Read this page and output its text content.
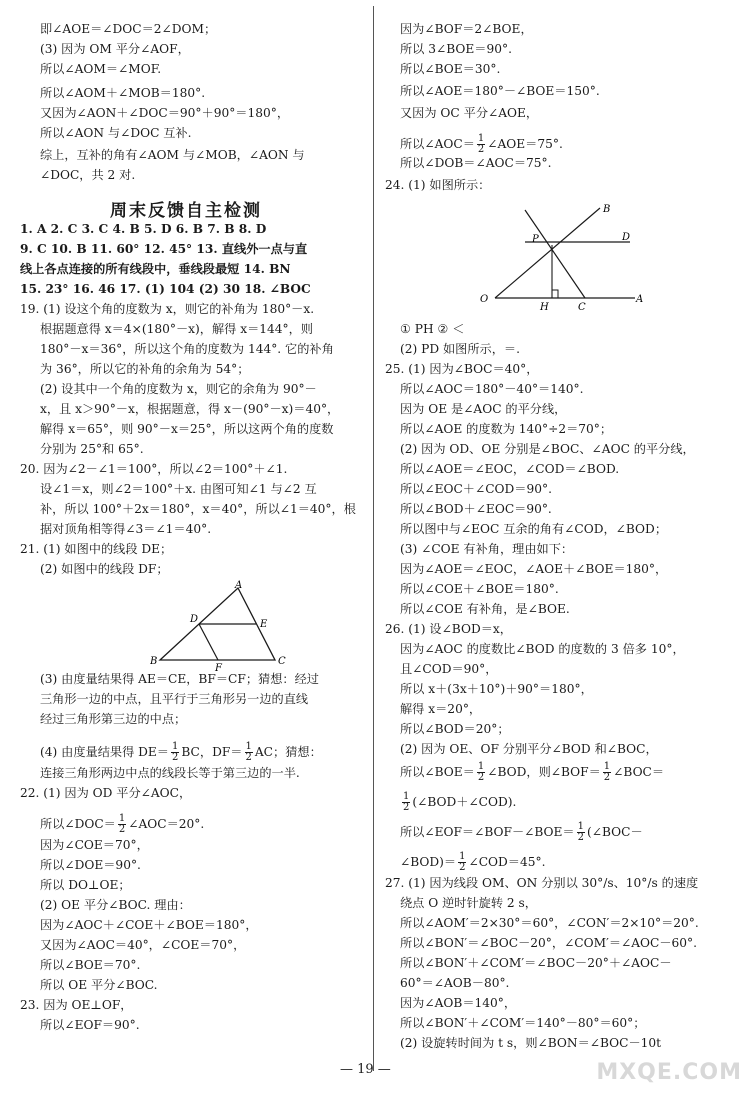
即∠AOE＝∠DOC＝2∠DOM；
(3) 因为 OM 平分∠AOF，
所以∠AOM＝∠MOF.
所以∠AOM＋∠MOB＝180°.
又因为∠AON＋∠DOC＝90°＋90°＝180°，
所以∠AON 与∠DOC 互补.
综上，互补的角有∠AOM 与∠MOB，∠AON 与
∠DOC，共 2 对.
1. A 2. C 3. C 4. B 5. D 6. B 7. B 8. D
9. C 10. B 11. 60° 12. 45° 13. 直线外一点与直
线上各点连接的所有线段中，垂线段最短 14. BN
15. 23° 16. 46 17. (1) 104 (2) 30 18. ∠BOC
19. (1) 设这个角的度数为 x，则它的补角为 180°－x.
根据题意得 x＝4×(180°－x)，解得 x＝144°，则
180°－x＝36°，所以这个角的度数为 144°. 它的补角
为 36°，所以它的补角的余角为 54°；
(2) 设其中一个角的度数为 x，则它的余角为 90°－
x，且 x＞90°－x，根据题意，得 x－(90°－x)＝40°，
解得 x＝65°，则 90°－x＝25°，所以这两个角的度数
分别为 25°和 65°.
20. 因为∠2－∠1＝100°，所以∠2＝100°＋∠1.
设∠1＝x，则∠2＝100°＋x. 由图可知∠1 与∠2 互
补，所以 100°＋2x＝180°，x＝40°，所以∠1＝40°，根
据对顶角相等得∠3＝∠1＝40°.
21. (1) 如图中的线段 DE；
(2) 如图中的线段 DF；
(3) 由度量结果得 AE＝CE，BF＝CF；猜想：经过
三角形一边的中点，且平行于三角形另一边的直线
经过三角形第三边的中点；
连接三角形两边中点的线段长等于第三边的一半.
22. (1) 因为 OD 平分∠AOC，
因为∠COE＝70°，
所以∠DOE＝90°.
所以 DO⊥OE；
(2) OE 平分∠BOC. 理由：
因为∠AOC＋∠COE＋∠BOE＝180°，
又因为∠AOC＝40°，∠COE＝70°，
所以∠BOE＝70°.
所以 OE 平分∠BOC.
23. 因为 OE⊥OF，
所以∠EOF＝90°.
因为∠BOF＝2∠BOE，
所以 3∠BOE＝90°.
所以∠BOE＝30°.
所以∠AOE＝180°－∠BOE＝150°.
又因为 OC 平分∠AOE，
所以∠DOB＝∠AOC＝75°.
24. (1) 如图所示：
① PH ② ＜
(2) PD 如图所示，＝.
25. (1) 因为∠BOC＝40°，
所以∠AOC＝180°－40°＝140°.
因为 OE 是∠AOC 的平分线，
所以∠AOE 的度数为 140°÷2＝70°；
(2) 因为 OD、OE 分别是∠BOC、∠AOC 的平分线，
所以∠AOE＝∠EOC，∠COD＝∠BOD.
所以∠EOC＋∠COD＝90°.
所以∠BOD＋∠EOC＝90°.
所以图中与∠EOC 互余的角有∠COD，∠BOD；
(3) ∠COE 有补角，理由如下：
因为∠AOE＝∠EOC，∠AOE＋∠BOE＝180°，
所以∠COE＋∠BOE＝180°.
所以∠COE 有补角，是∠BOE.
26. (1) 设∠BOD＝x，
因为∠AOC 的度数比∠BOD 的度数的 3 倍多 10°，
且∠COD＝90°，
所以 x＋(3x＋10°)＋90°＝180°，
解得 x＝20°，
所以∠BOD＝20°；
(2) 因为 OE、OF 分别平分∠BOD 和∠BOC，
27. (1) 因为线段 OM、ON 分别以 30°/s、10°/s 的速度
绕点 O 逆时针旋转 2 s，
所以∠AOM′＝2×30°＝60°，∠CON′＝2×10°＝20°.
所以∠BON′＝∠BOC－20°，∠COM′＝∠AOC－60°.
所以∠BON′＋∠COM′＝∠BOC－20°＋∠AOC－
60°＝∠AOB－80°.
因为∠AOB＝140°，
所以∠BON′＋∠COM′＝140°－80°＝60°；
(2) 设旋转时间为 t s，则∠BON＝∠BOC－10t
周末反馈自主检测
(4) 由度量结果得 $DE= \frac{1}{2}$ BC，$DF= \frac{1}{2}$ AC；猜想：
所以∠DOC＝ $\frac{1}{2}$ ∠AOC＝20°.
所以∠AOC＝ $\frac{1}{2}$ ∠AOE＝75°.
所以∠BOE＝ $\frac{1}{2}$ ∠BOD，则∠BOF＝ $\frac{1}{2}$ ∠BOC＝
$\frac{1}{2}$ (∠BOD＋∠COD).
所以∠EOF＝∠BOF－∠BOE＝ $\frac{1}{2}$ (∠BOC－
∠BOD)＝ $\frac{1}{2}$ ∠COD＝45°.
A
B	C
D	E
F
O	A
B
C
D
P
H
— 19 —	MXQE.COM
